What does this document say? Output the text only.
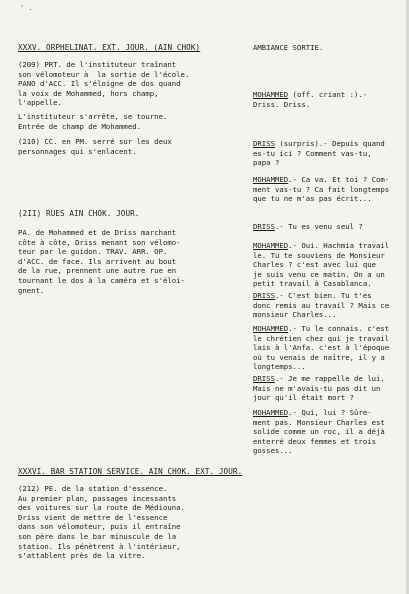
' .
XXXV. ORPHELINAT. EXT. JOUR. (AIN CHOK)
(209) PRT. de l'instituteur traînant
son vélomoteur à  la sortie de l'école.
PANO d'ACC. Il s'éloigne de dos quand
la voix de Mohammed, hors champ,
l'appelle.
L'instituteur s'arrête, se tourne.
Entrée de champ de Mohammed.
(210) CC. en PM. serré sur les deux
personnages qui s'enlacent.
AMBIANCE SORTIE.
MOHAMMED (off. criant :).-
Driss. Driss.
DRISS (surpris).- Depuis quand
es-tu ici ? Comment vas-tu,
papa ?
MOHAMMED.- Ca va. Et toi ? Com-
ment vas-tu ? Ca fait longtemps
que tu ne m'as pas écrit...
(2II) RUES AIN CHOK. JOUR.
PA. de Mohammed et de Driss marchant
côte à côte, Driss menant son vélomo-
teur par le guidon. TRAV. ARR. OP.
d'ACC. de face. Ils arrivent au bout
de la rue, prennent une autre rue en
tournant le dos à la caméra et s'éloi-
gnent.
DRISS.- Tu es venu seul ?
MOHAMMED.- Oui. Hachmia travail
le. Tu te souviens de Monsieur
Charles ? c'est avec lui que
je suis venu ce matin. On a un
petit travail à Casablanca.
DRISS.- C'est bien. Tu t'es
donc remis au travail ? Mais ce
monsieur Charles...
MOHAMMED.- Tu le connais. c'est
le chrétien chez qui je travail
lais à l'Anfa. c'est à l'époque
où tu venais de naître, il y a
longtemps...
DRISS.- Je me rappelle de lui.
Mais ne m'avais-tu pas dit un
jour qu'il était mort ?
MOHAMMED.- Qui, lui ? Sûre-
ment pas. Monsieur Charles est
solide comme un roc, il a déjà
enterré deux femmes et trois
gosses...
XXXVI. BAR STATION SERVICE. AIN CHOK. EXT. JOUR.
(212) PE. de la station d'essence.
Au premier plan, passages incessants
des voitures sur la route de Médiouna.
Driss vient de mettre de l'essence
dans son vélomoteur, puis il entraîne
son père dans le bar minuscule de la
station. Ils pénètrent à l'intérieur,
s'attablent près de la vitre.
